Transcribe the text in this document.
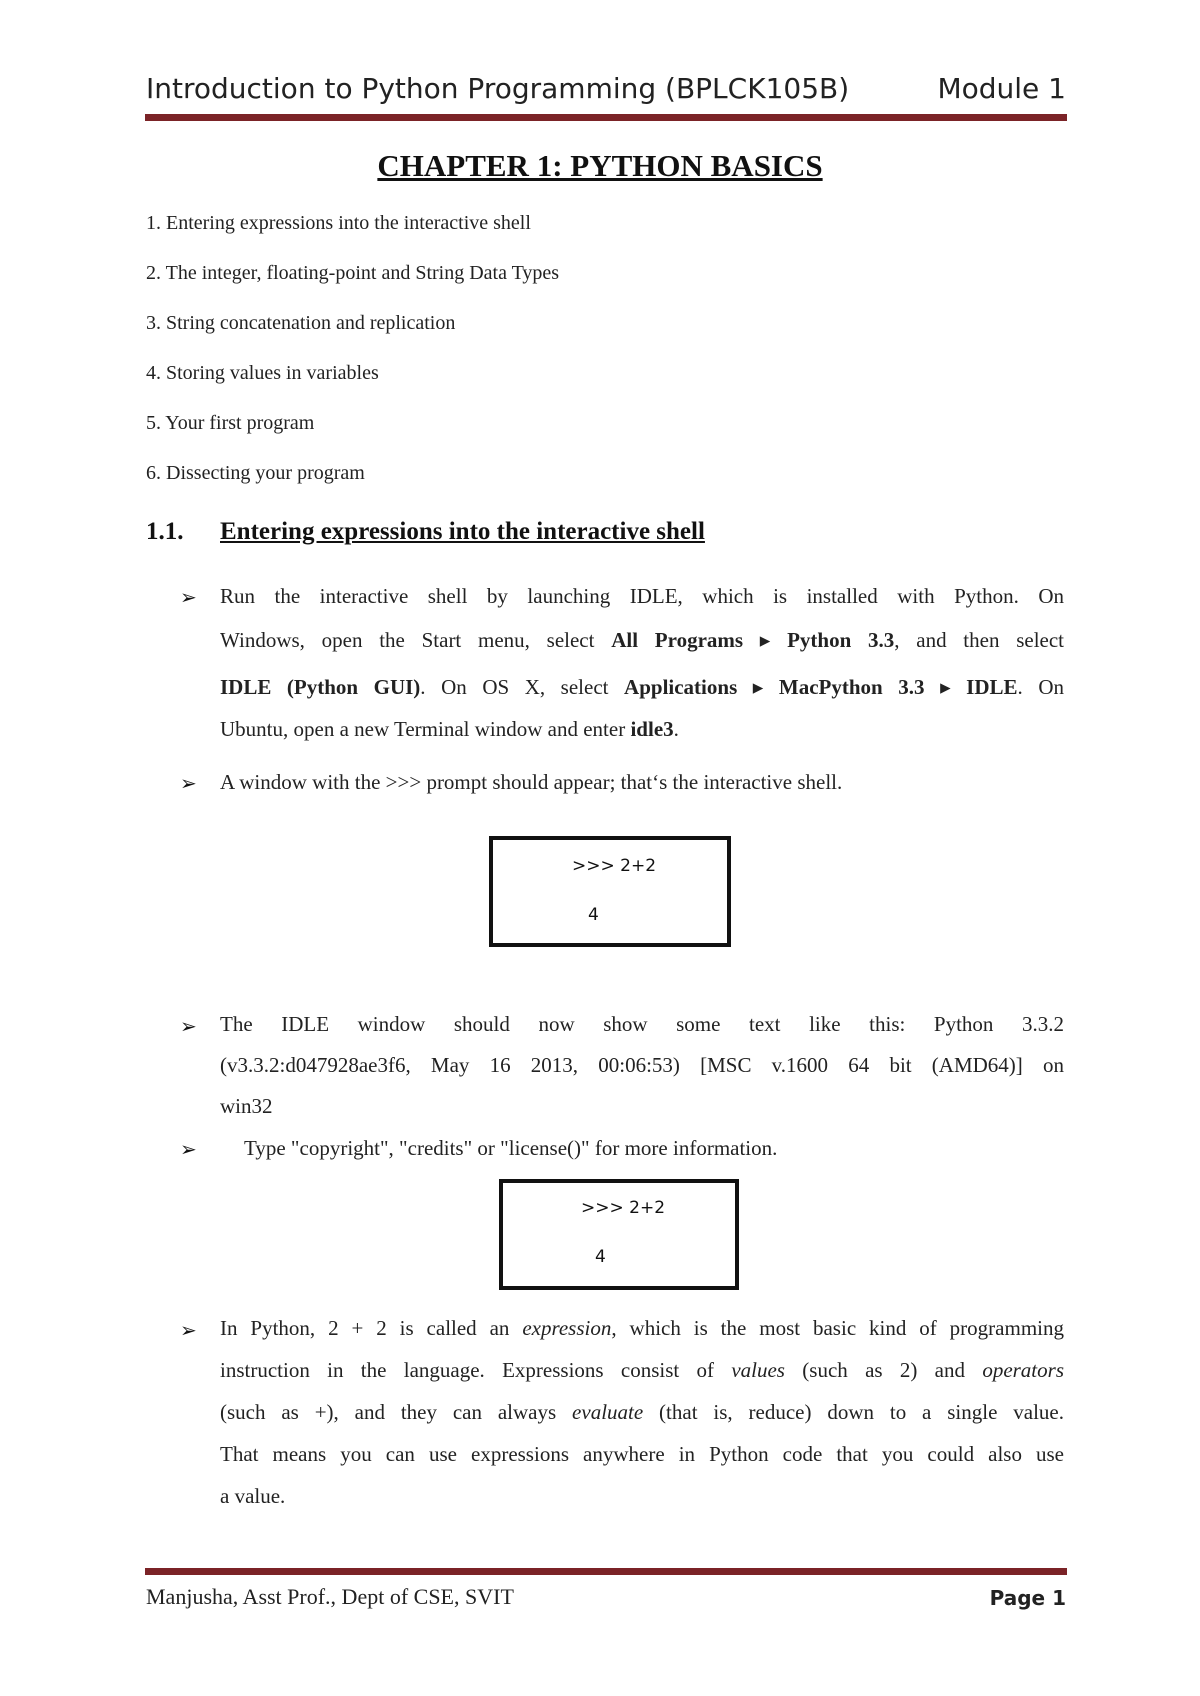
Introduction to Python Programming (BPLCK105B)	Module 1
CHAPTER 1: PYTHON BASICS
1. Entering expressions into the interactive shell
2. The integer, floating-point and String Data Types
3. String concatenation and replication
4. Storing values in variables
5. Your first program
6. Dissecting your program
1.1. Entering expressions into the interactive shell
➢ Run the interactive shell by launching IDLE, which is installed with Python. On
Windows, open the Start menu, select All Programs ▸ Python 3.3, and then select
IDLE (Python GUI). On OS X, select Applications ▸ MacPython 3.3 ▸ IDLE. On
Ubuntu, open a new Terminal window and enter idle3.
➢ A window with the >>> prompt should appear; that‘s the interactive shell.
>>> 2+2
4
➢ The IDLE window should now show some text like this: Python 3.3.2
(v3.3.2:d047928ae3f6, May 16 2013, 00:06:53) [MSC v.1600 64 bit (AMD64)] on
win32
➢ Type "copyright", "credits" or "license()" for more information.
>>> 2+2
4
➢ In Python, 2 + 2 is called an expression, which is the most basic kind of programming
instruction in the language. Expressions consist of values (such as 2) and operators
(such as +), and they can always evaluate (that is, reduce) down to a single value.
That means you can use expressions anywhere in Python code that you could also use
a value.
Manjusha, Asst Prof., Dept of CSE, SVIT	Page 1
